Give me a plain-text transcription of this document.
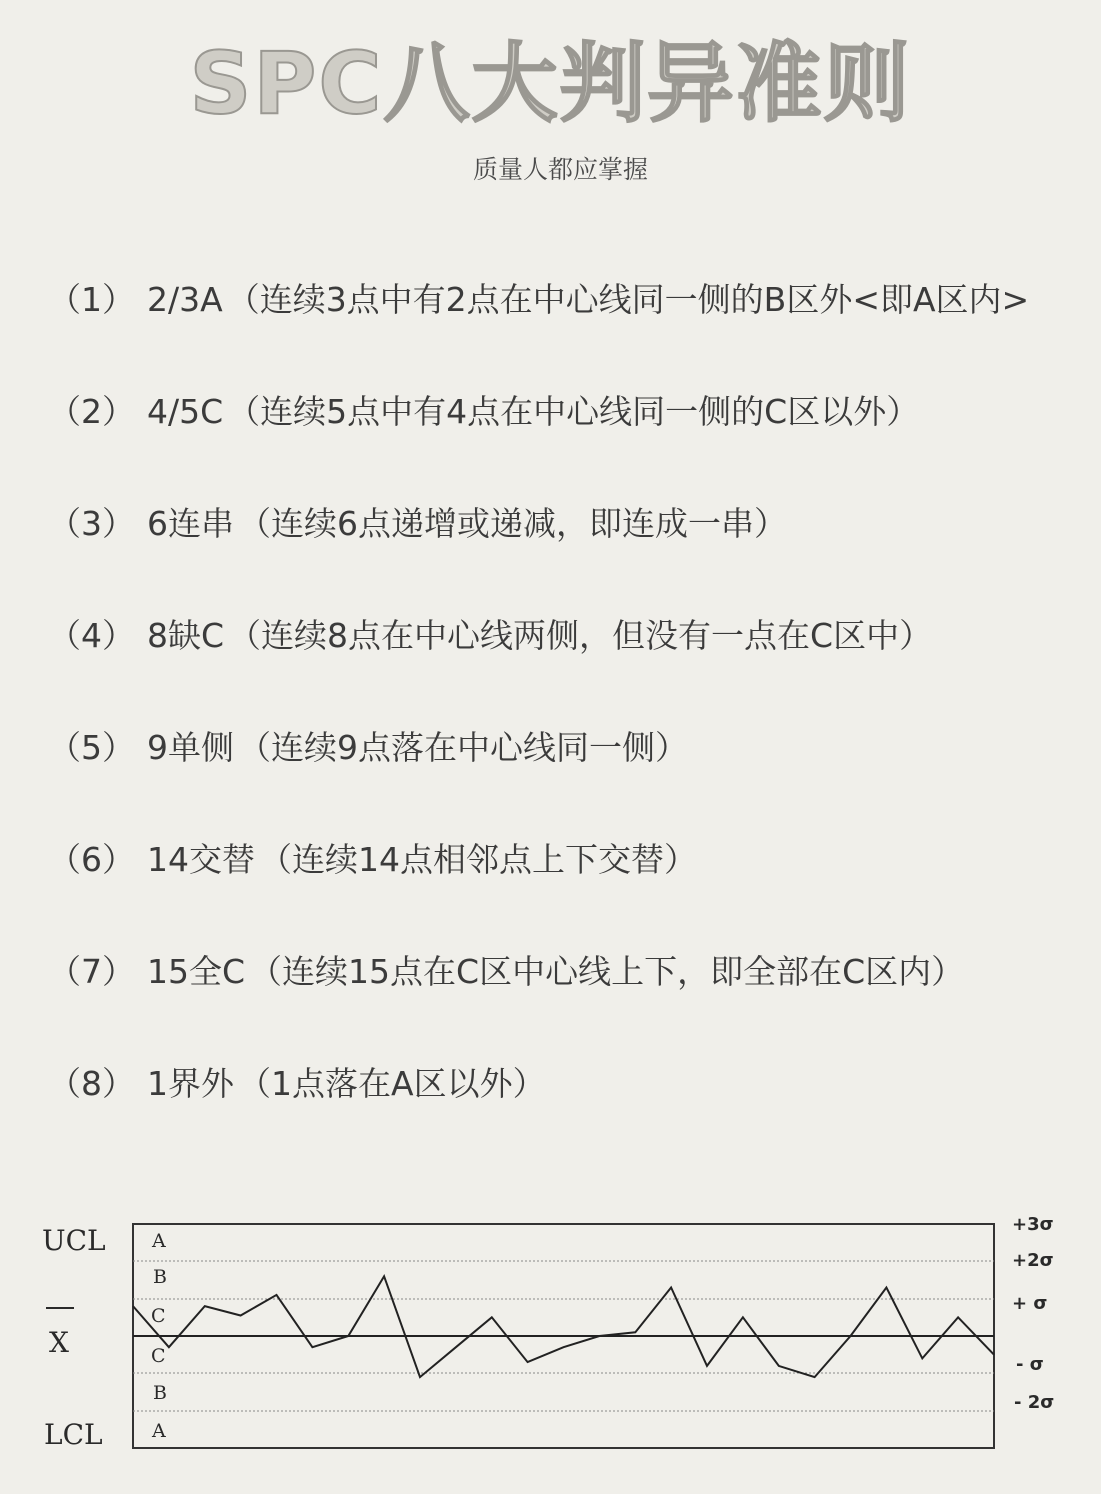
SPC八大判异准则
质量人都应掌握
（1） 2/3A （连续3点中有2点在中心线同一侧的B区外<即A区内>
（2） 4/5C （连续5点中有4点在中心线同一侧的C区以外）
（3） 6连串 （连续6点递增或递减，即连成一串）
（4） 8缺C （连续8点在中心线两侧，但没有一点在C区中）
（5） 9单侧 （连续9点落在中心线同一侧）
（6） 14交替 （连续14点相邻点上下交替）
（7） 15全C （连续15点在C区中心线上下，即全部在C区内）
（8） 1界外 （1点落在A区以外）
UCL
X
LCL
A
B
C
C
B
A
+3σ
+2σ
+ σ
- σ
- 2σ
